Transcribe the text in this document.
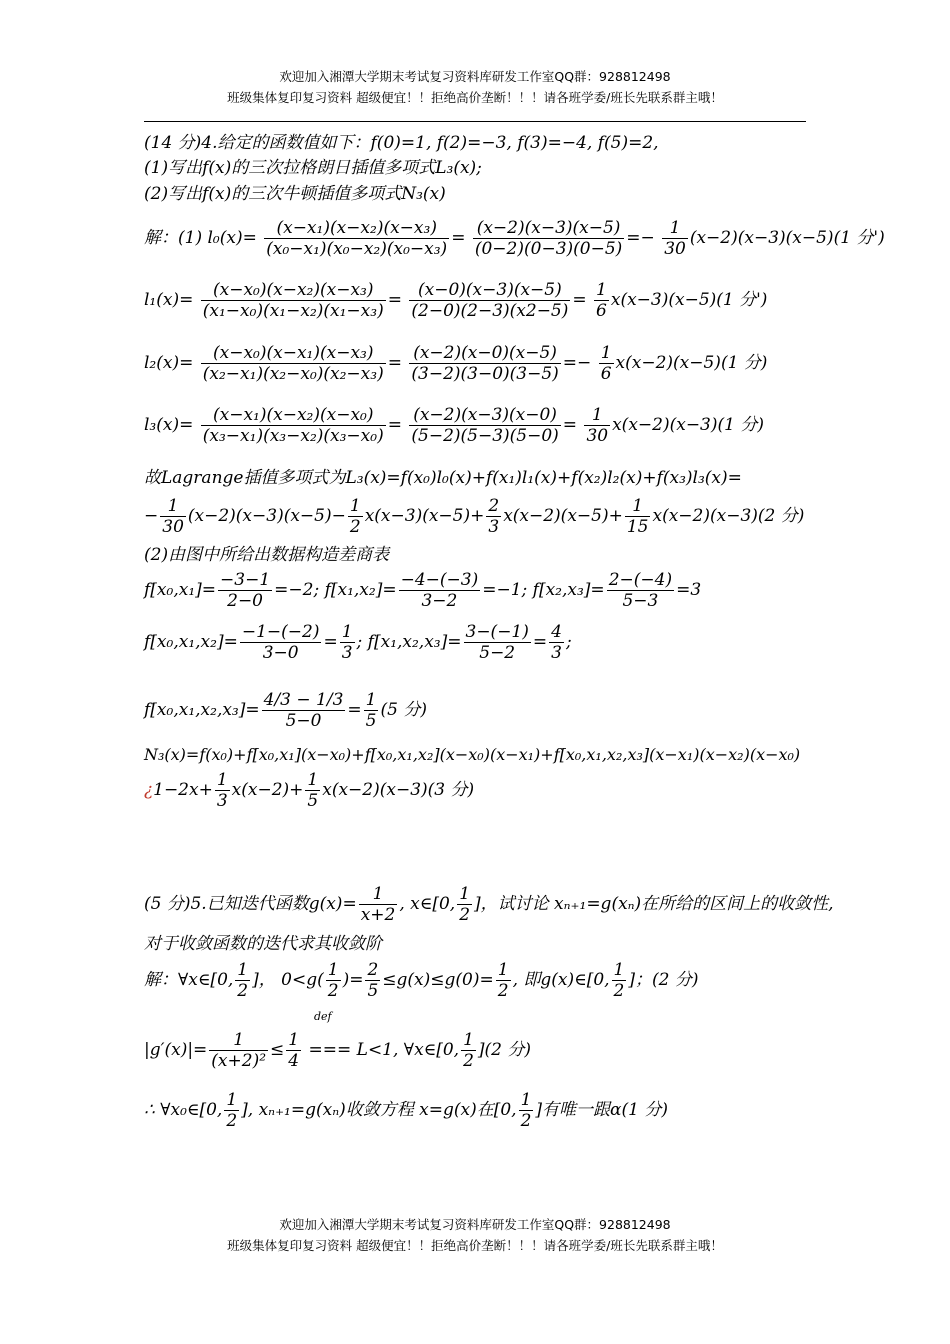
欢迎加入湘潭大学期末考试复习资料库研发工作室QQ群：928812498
班级集体复印复习资料 超级便宜！！拒绝高价垄断！！！请各班学委/班长先联系群主哦！
(14 分)4.给定的函数值如下：f(0)=1, f(2)=−3, f(3)=−4, f(5)=2,
(1)写出f(x)的三次拉格朗日插值多项式L₃(x);
(2)写出f(x)的三次牛顿插值多项式N₃(x)
解：(1) $l_0(x)= \frac{\text{(x−x₁)(x−x₂)(x−x₃)}}{\text{(x₀−x₁)(x₀−x₂)(x₀−x₃)}} = \frac{(x-2)(x-3)(x-5)}{(0-2)(0-3)(0-5)} =- \frac{1}{30} (x-2)(x-3)(x-5)(1$ 分')
$l_1(x)= \frac{\text{(x−x₀)(x−x₂)(x−x₃)}}{\text{(x₁−x₀)(x₁−x₂)(x₁−x₃)}} = \frac{(x-0)(x-3)(x-5)}{(2-0)(2-3)(x2-5)} = \frac{1}{6} x(x-3)(x-5)(1$ 分')
$l_2(x)= \frac{\text{(x−x₀)(x−x₁)(x−x₃)}}{\text{(x₂−x₁)(x₂−x₀)(x₂−x₃)}} = \frac{(x-2)(x-0)(x-5)}{(3-2)(3-0)(3-5)} =- \frac{1}{6} x(x-2)(x-5)(1$ 分)
$l_3(x)= \frac{\text{(x−x₁)(x−x₂)(x−x₀)}}{\text{(x₃−x₁)(x₃−x₂)(x₃−x₀)}} = \frac{(x-2)(x-3)(x-0)}{(5-2)(5-3)(5-0)} = \frac{1}{30} x(x-2)(x-3)(1$ 分)
故Lagrange插值多项式为L₃(x)=f(x₀)l₀(x)+f(x₁)l₁(x)+f(x₂)l₂(x)+f(x₃)l₃(x)=
− $\frac{1}{30} (x-2)(x-3)(x-5)- \frac{1}{2} x(x-3)(x-5)+ \frac{2}{3} x(x-2)(x-5)+ \frac{1}{15} x(x-2)(x-3)(2$ 分)
(2)由图中所给出数据构造差商表
$f[x_0,x_1]= \frac{-3-1}{2-0} =-2$; $f[x_1,x_2]= \frac{-4-(-3)}{3-2} =-1$; $f[x_2,x_3]= \frac{2-(-4)}{5-3} =3$
$f[x_0,x_1,x_2]= \frac{-1-(-2)}{3-0} = \frac{1}{3}$ ; $f[x_1,x_2,x_3]= \frac{3-(-1)}{5-2} = \frac{4}{3}$ ;
$f[x_0,x_1,x_2,x_3]= \frac{4/3 - 1/3}{5-0} = \frac{1}{5} (5$ 分)
N₃(x)=f(x₀)+f[x₀,x₁](x−x₀)+f[x₀,x₁,x₂](x−x₀)(x−x₁)+f[x₀,x₁,x₂,x₃](x−x₁)(x−x₂)(x−x₀)
¿$1-2x+ \frac{1}{3} x(x-2)+ \frac{1}{5} x(x-2)(x-3)(3$ 分)
(5 分)5.已知迭代函数$g(x)= \frac{1}{x+2}$ , x∈[0, $\frac{1}{2}$ ]，试讨论 xₙ₊₁=g(xₙ)在所给的区间上的收敛性,
对于收敛函数的迭代求其收敛阶
解：∀x∈[0, $\frac{1}{2}$ ]， $0<g( \frac{1}{2}$ )= $\frac{2}{5} \le g(x)\le g(0)= \frac{1}{2}$ , 即g(x)∈[0, $\frac{1}{2}$ ]；(2 分)
def
$|g'(x)|= \frac{1}{\text{(x+2)²}} \le \frac{1}{4}$ === L<1, ∀x∈[0, $\frac{1}{2} ](2$ 分)
∴ ∀x₀∈[0, $\frac{1}{2}$ ], xₙ₊₁=g(xₙ)收敛方程 x=g(x)在[0, $\frac{1}{2}$ ]有唯一跟α(1 分)
欢迎加入湘潭大学期末考试复习资料库研发工作室QQ群：928812498
班级集体复印复习资料 超级便宜！！拒绝高价垄断！！！请各班学委/班长先联系群主哦！
